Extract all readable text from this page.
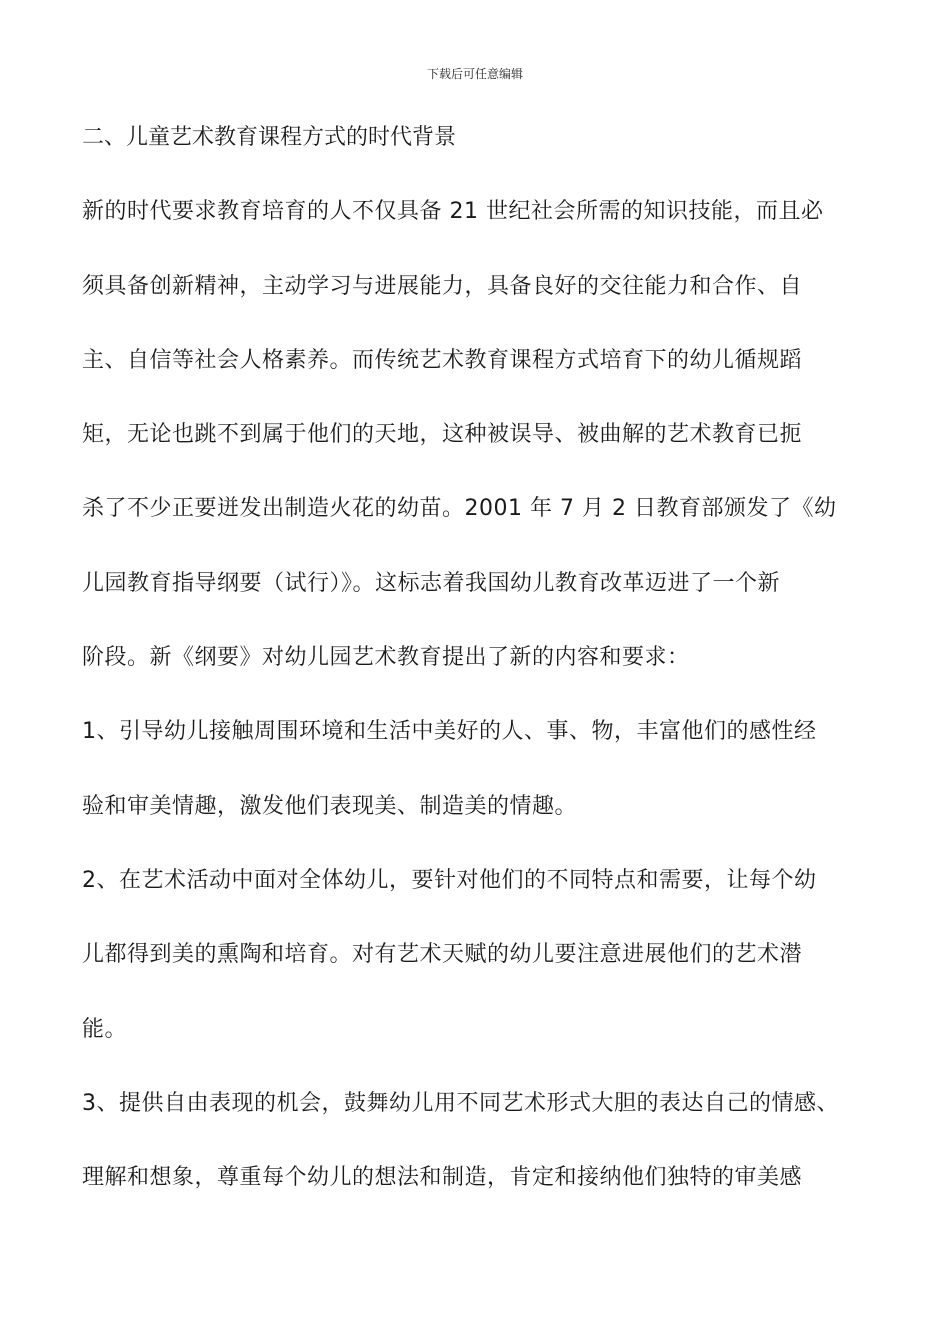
下载后可任意编辑
二、儿童艺术教育课程方式的时代背景
新的时代要求教育培育的人不仅具备 21 世纪社会所需的知识技能，而且必
须具备创新精神，主动学习与进展能力，具备良好的交往能力和合作、自
主、自信等社会人格素养。而传统艺术教育课程方式培育下的幼儿循规蹈
矩，无论也跳不到属于他们的天地，这种被误导、被曲解的艺术教育已扼
杀了不少正要迸发出制造火花的幼苗。2001 年 7 月 2 日教育部颁发了《幼
儿园教育指导纲要（试行）》。这标志着我国幼儿教育改革迈进了一个新
阶段。新《纲要》对幼儿园艺术教育提出了新的内容和要求：
1、引导幼儿接触周围环境和生活中美好的人、事、物，丰富他们的感性经
验和审美情趣，激发他们表现美、制造美的情趣。
2、在艺术活动中面对全体幼儿，要针对他们的不同特点和需要，让每个幼
儿都得到美的熏陶和培育。对有艺术天赋的幼儿要注意进展他们的艺术潜
能。
3、提供自由表现的机会，鼓舞幼儿用不同艺术形式大胆的表达自己的情感、
理解和想象，尊重每个幼儿的想法和制造，肯定和接纳他们独特的审美感
